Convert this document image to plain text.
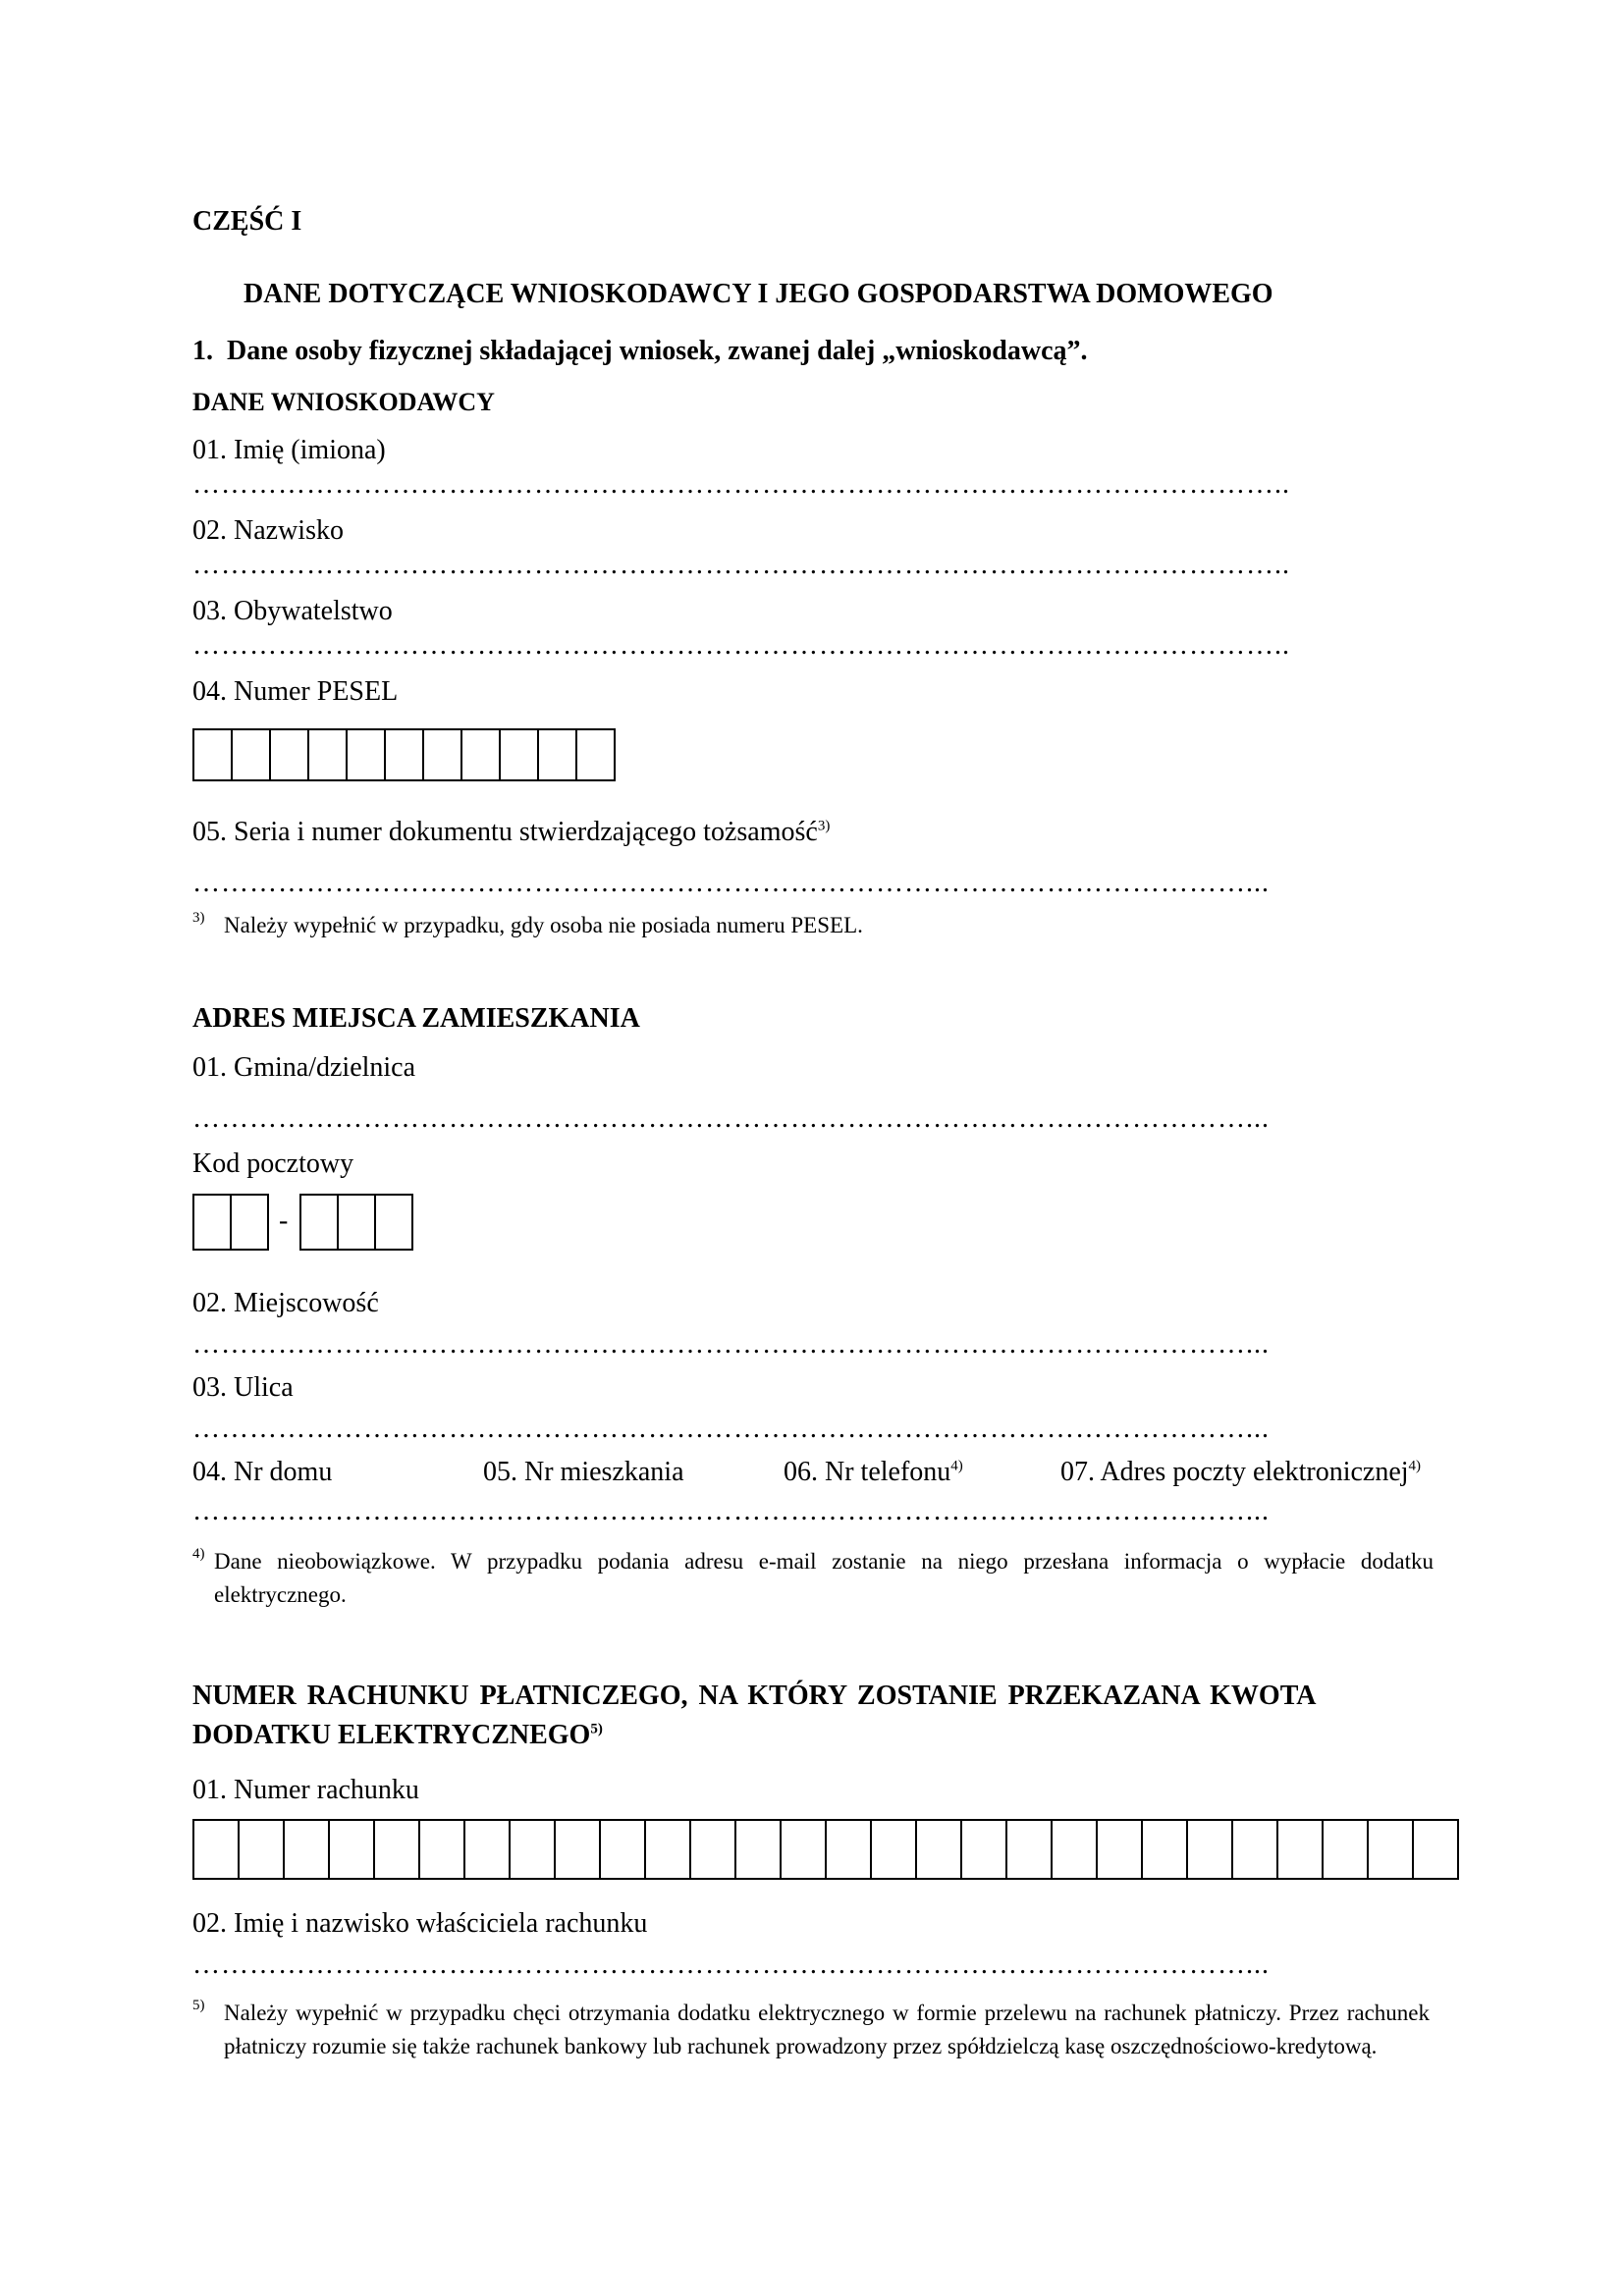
CZĘŚĆ I
DANE DOTYCZĄCE WNIOSKODAWCY I JEGO GOSPODARSTWA DOMOWEGO
1. Dane osoby fizycznej składającej wniosek, zwanej dalej „wnioskodawcą”.
DANE WNIOSKODAWCY
01. Imię (imiona)
……………………………………………………………………………………………………..
02. Nazwisko
……………………………………………………………………………………………………..
03. Obywatelstwo
……………………………………………………………………………………………………..
04. Numer PESEL
05. Seria i numer dokumentu stwierdzającego tożsamość$^{3)}$
…………………………………………………………………………………………………...
3) Należy wypełnić w przypadku, gdy osoba nie posiada numeru PESEL.
ADRES MIEJSCA ZAMIESZKANIA
01. Gmina/dzielnica
…………………………………………………………………………………………………...
Kod pocztowy
-
02. Miejscowość
…………………………………………………………………………………………………...
03. Ulica
…………………………………………………………………………………………………...
04. Nr domu	05. Nr mieszkania	06. Nr telefonu$^{4)}$	07. Adres poczty elektronicznej$^{4)}$
…………………………………………………………………………………………………...
4) Dane nieobowiązkowe. W przypadku podania adresu e-mail zostanie na niego przesłana informacja o wypłacie dodatku elektrycznego.
NUMER RACHUNKU PŁATNICZEGO, NA KTÓRY ZOSTANIE PRZEKAZANA KWOTA
DODATKU ELEKTRYCZNEGO$^{5)}$
01. Numer rachunku
02. Imię i nazwisko właściciela rachunku
…………………………………………………………………………………………………...
5) Należy wypełnić w przypadku chęci otrzymania dodatku elektrycznego w formie przelewu na rachunek płatniczy. Przez rachunek płatniczy rozumie się także rachunek bankowy lub rachunek prowadzony przez spółdzielczą kasę oszczędnościowo-kredytową.
